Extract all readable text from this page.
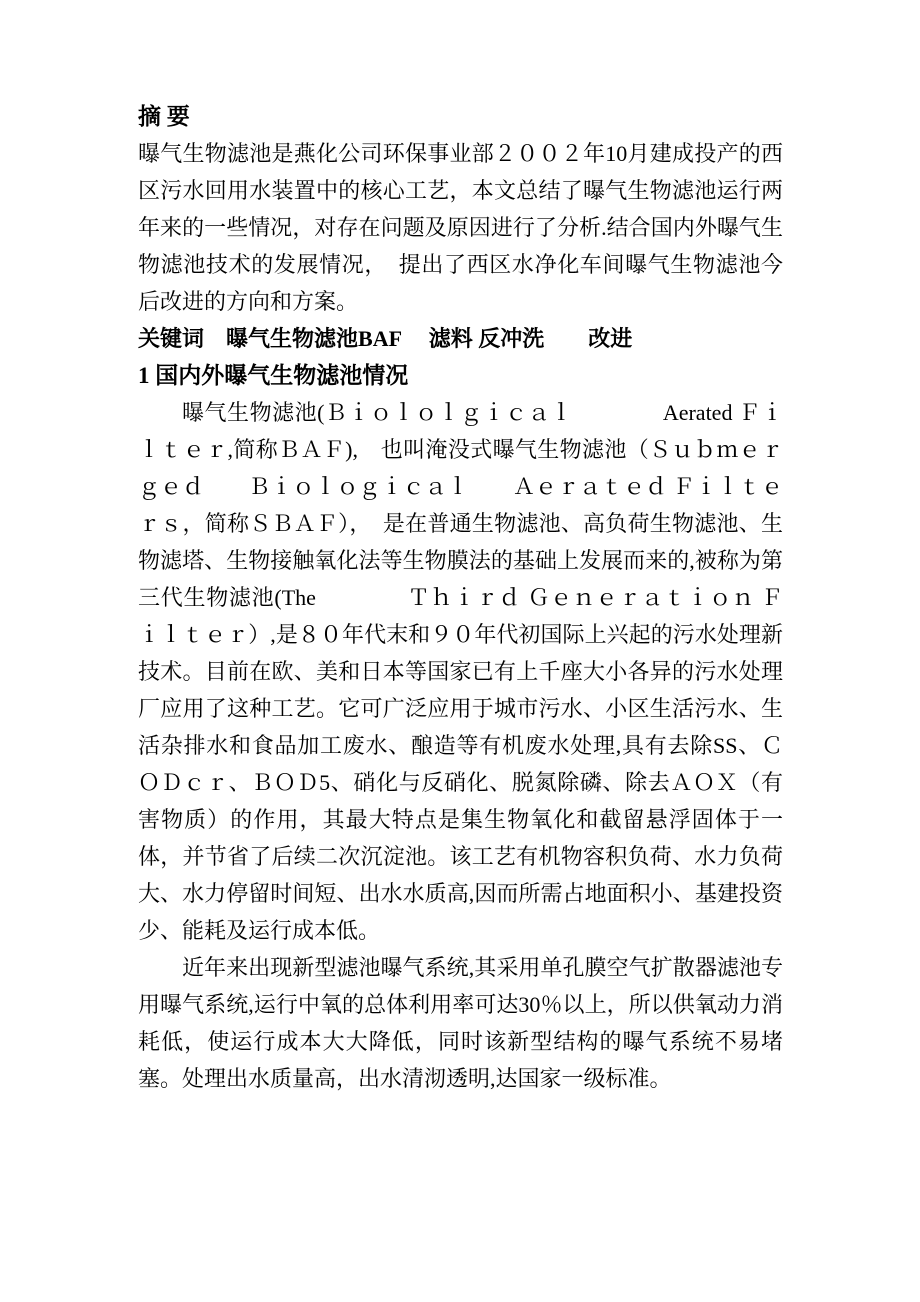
摘 要

曝气生物滤池是燕化公司环保事业部２００２年10月建成投产的西区污水回用水装置中的核心工艺，本文总结了曝气生物滤池运行两年来的一些情况，对存在问题及原因进行了分析.结合国内外曝气生物滤池技术的发展情况，　提出了西区水净化车间曝气生物滤池今后改进的方向和方案。

关键词　曝气生物滤池BAF　 滤料 反冲洗　　改进

1 国内外曝气生物滤池情况

曝气生物滤池(Ｂｉｏｌｏｌｇｉｃａｌ　　　　Aerated Ｆｉｌｔｅｒ,简称ＢＡＦ),　也叫淹没式曝气生物滤池（Ｓｕｂｍｅｒｇｅｄ　　Ｂｉｏｌｏｇｉｃａｌ　　Ａｅｒａｔｅｄ Ｆｉｌｔｅｒｓ，简称ＳＢＡＦ），　是在普通生物滤池、高负荷生物滤池、生物滤塔、生物接触氧化法等生物膜法的基础上发展而来的,被称为第三代生物滤池(The　　　　Ｔｈｉｒｄ Ｇｅｎｅｒａｔｉｏｎ Ｆｉｌｔｅｒ）,是８０年代末和９０年代初国际上兴起的污水处理新技术。目前在欧、美和日本等国家已有上千座大小各异的污水处理厂应用了这种工艺。它可广泛应用于城市污水、小区生活污水、生活杂排水和食品加工废水、酿造等有机废水处理,具有去除SS、ＣＯＤｃｒ、ＢＯＤ5、硝化与反硝化、脱氮除磷、除去ＡＯＸ（有害物质）的作用，其最大特点是集生物氧化和截留悬浮固体于一体，并节省了后续二次沉淀池。该工艺有机物容积负荷、水力负荷大、水力停留时间短、出水水质高,因而所需占地面积小、基建投资少、能耗及运行成本低。

近年来出现新型滤池曝气系统,其采用单孔膜空气扩散器滤池专用曝气系统,运行中氧的总体利用率可达30％以上，所以供氧动力消耗低，使运行成本大大降低，同时该新型结构的曝气系统不易堵塞。处理出水质量高，出水清沏透明,达国家一级标准。
